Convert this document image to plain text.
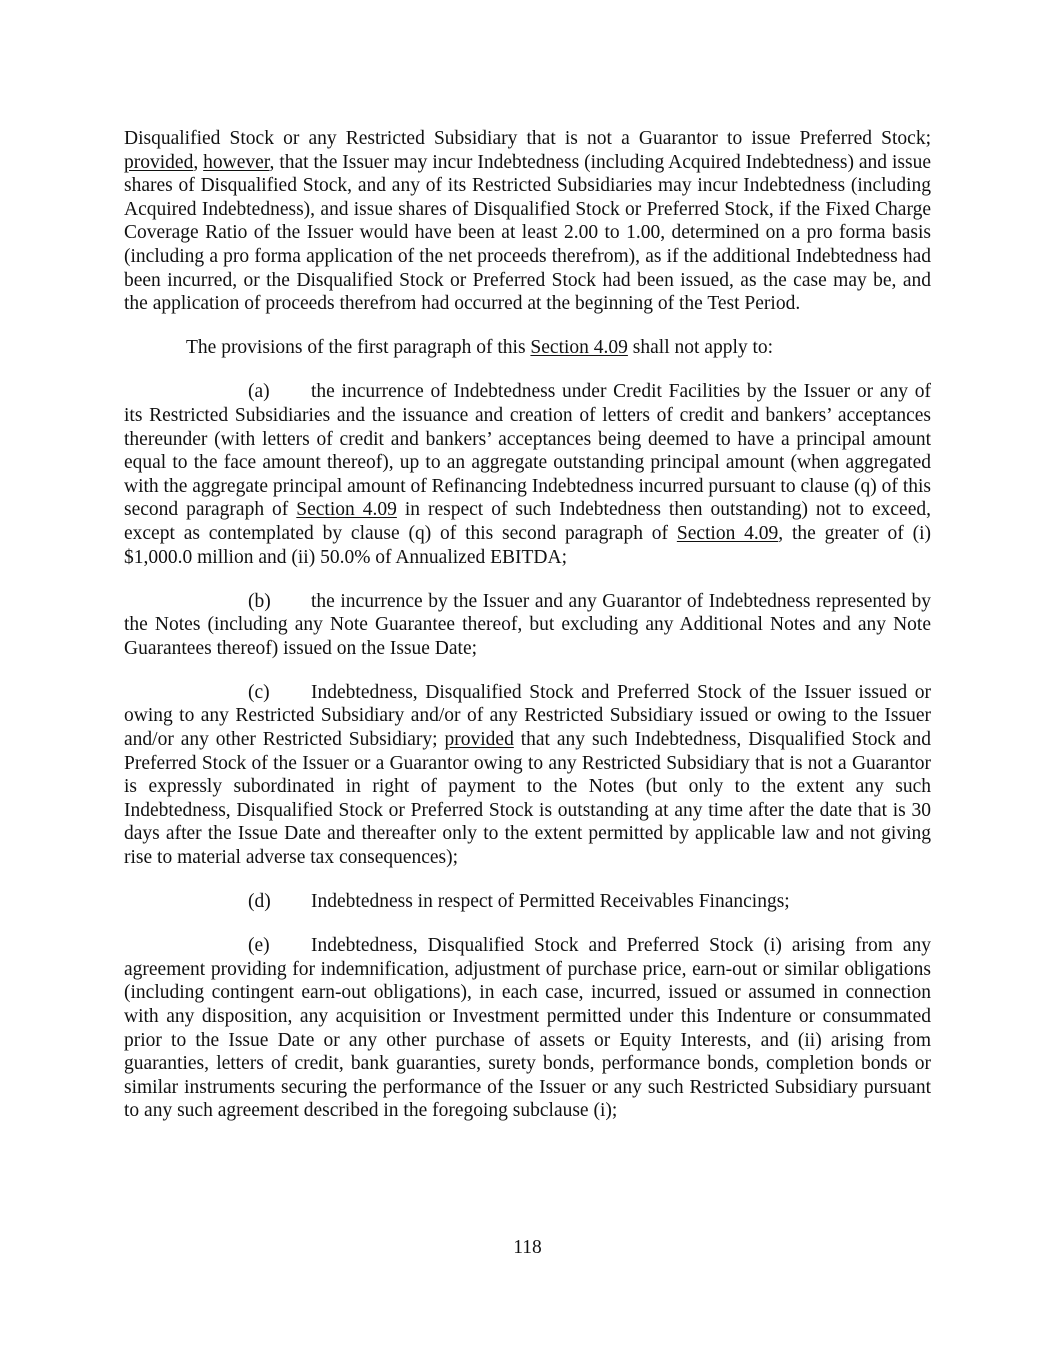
Disqualified Stock or any Restricted Subsidiary that is not a Guarantor to issue Preferred Stock; provided, however, that the Issuer may incur Indebtedness (including Acquired Indebtedness) and issue shares of Disqualified Stock, and any of its Restricted Subsidiaries may incur Indebtedness (including Acquired Indebtedness), and issue shares of Disqualified Stock or Preferred Stock, if the Fixed Charge Coverage Ratio of the Issuer would have been at least 2.00 to 1.00, determined on a pro forma basis (including a pro forma application of the net proceeds therefrom), as if the additional Indebtedness had been incurred, or the Disqualified Stock or Preferred Stock had been issued, as the case may be, and the application of proceeds therefrom had occurred at the beginning of the Test Period.

The provisions of the first paragraph of this Section 4.09 shall not apply to:

(a) the incurrence of Indebtedness under Credit Facilities by the Issuer or any of its Restricted Subsidiaries and the issuance and creation of letters of credit and bankers’ acceptances thereunder (with letters of credit and bankers’ acceptances being deemed to have a principal amount equal to the face amount thereof), up to an aggregate outstanding principal amount (when aggregated with the aggregate principal amount of Refinancing Indebtedness incurred pursuant to clause (q) of this second paragraph of Section 4.09 in respect of such Indebtedness then outstanding) not to exceed, except as contemplated by clause (q) of this second paragraph of Section 4.09, the greater of (i) $1,000.0 million and (ii) 50.0% of Annualized EBITDA;

(b) the incurrence by the Issuer and any Guarantor of Indebtedness represented by the Notes (including any Note Guarantee thereof, but excluding any Additional Notes and any Note Guarantees thereof) issued on the Issue Date;

(c) Indebtedness, Disqualified Stock and Preferred Stock of the Issuer issued or owing to any Restricted Subsidiary and/or of any Restricted Subsidiary issued or owing to the Issuer and/or any other Restricted Subsidiary; provided that any such Indebtedness, Disqualified Stock and Preferred Stock of the Issuer or a Guarantor owing to any Restricted Subsidiary that is not a Guarantor is expressly subordinated in right of payment to the Notes (but only to the extent any such Indebtedness, Disqualified Stock or Preferred Stock is outstanding at any time after the date that is 30 days after the Issue Date and thereafter only to the extent permitted by applicable law and not giving rise to material adverse tax consequences);

(d) Indebtedness in respect of Permitted Receivables Financings;

(e) Indebtedness, Disqualified Stock and Preferred Stock (i) arising from any agreement providing for indemnification, adjustment of purchase price, earn-out or similar obligations (including contingent earn-out obligations), in each case, incurred, issued or assumed in connection with any disposition, any acquisition or Investment permitted under this Indenture or consummated prior to the Issue Date or any other purchase of assets or Equity Interests, and (ii) arising from guaranties, letters of credit, bank guaranties, surety bonds, performance bonds, completion bonds or similar instruments securing the performance of the Issuer or any such Restricted Subsidiary pursuant to any such agreement described in the foregoing subclause (i);

118
